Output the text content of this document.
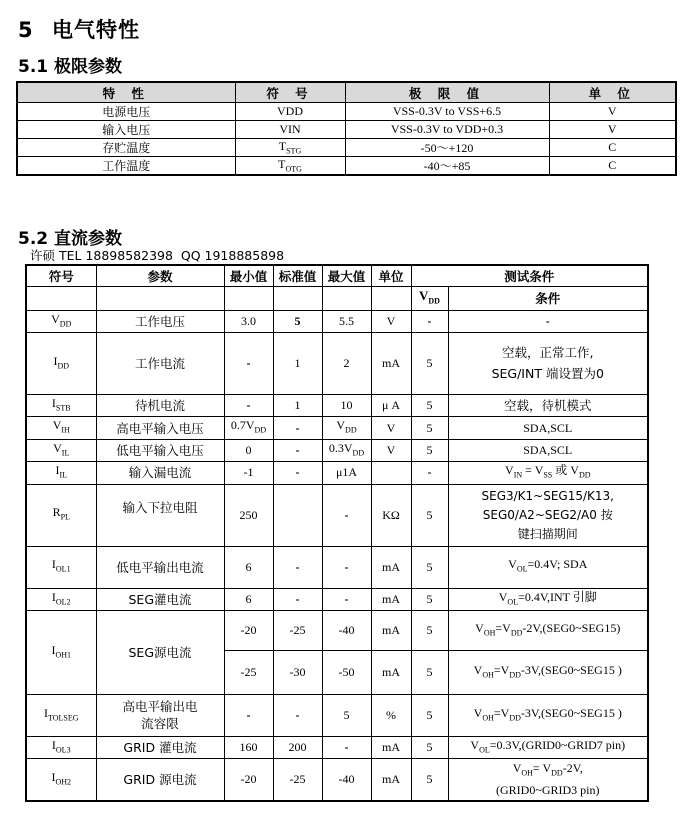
5 电气特性
5.1 极限参数
特 性	符 号	极 限 值	单 位
电源电压	VDD	VSS-0.3V to VSS+6.5	V
输入电压	VIN	VSS-0.3V to VDD+0.3	V
存贮温度	$T_{STG}$	-50～+120	C
工作温度	$T_{OTG}$	-40～+85	C
5.2 直流参数
许硕 TEL 18898582398  QQ 1918885898
符号	参数	最小值	标准值	最大值	单位	测试条件	
						$V_{DD}$	条件
$V_{DD}$	工作电压	3.0	5	5.5	V	-	-
$I_{DD}$	工作电流	-	1	2	mA	5	空载，正常工作,
SEG/INT 端设置为0

$I_{STB}$	待机电流	-	1	10	μ A	5	空载，待机模式
$V_{IH}$	高电平输入电压	$0.7V_{DD}$	-	$V_{DD}$	V	5	SDA,SCL
$V_{IL}$	低电平输入电压	0	-	$0.3V_{DD}$	V	5	SDA,SCL
$I_{IL}$	输入漏电流	-1	-	μ1A		-	$V_{IN} = V_{SS}$ 或 $V_{DD}$
$R_{PL}$	输入下拉电阻	250		-	KΩ	5	SEG3/K1~SEG15/K13,
SEG0/A2~SEG2/A0 按
键扫描期间

$I_{OL1}$	低电平输出电流	6	-	-	mA	5	$V_{OL}=0.4V$; SDA
$I_{OL2}$	SEG灌电流	6	-	-	mA	5	$V_{OL}=0.4V,INT$ 引脚
$I_{OH1}$	SEG源电流	-20	-25	-40	mA	5	$V_{OH}=V_{DD}-2V,(SEG0\sim SEG15)$
		-25	-30	-50	mA	5	$V_{OH}=V_{DD}-3V,(SEG0\sim SEG15$ )
$I_{TOLSEG}$	高电平输出电
流容限	-	-	5	%	5	$V_{OH}=V_{DD}-3V,(SEG0\sim SEG15$ )
$I_{OL3}$	GRID 灌电流	160	200	-	mA	5	$V_{OL}=0.3V,(GRID0\sim GRID7$ pin)
$I_{OH2}$	GRID 源电流	-20	-25	-40	mA	5	$V_{OH}= V_{DD}-2V$,
(GRID0~GRID3 pin)
